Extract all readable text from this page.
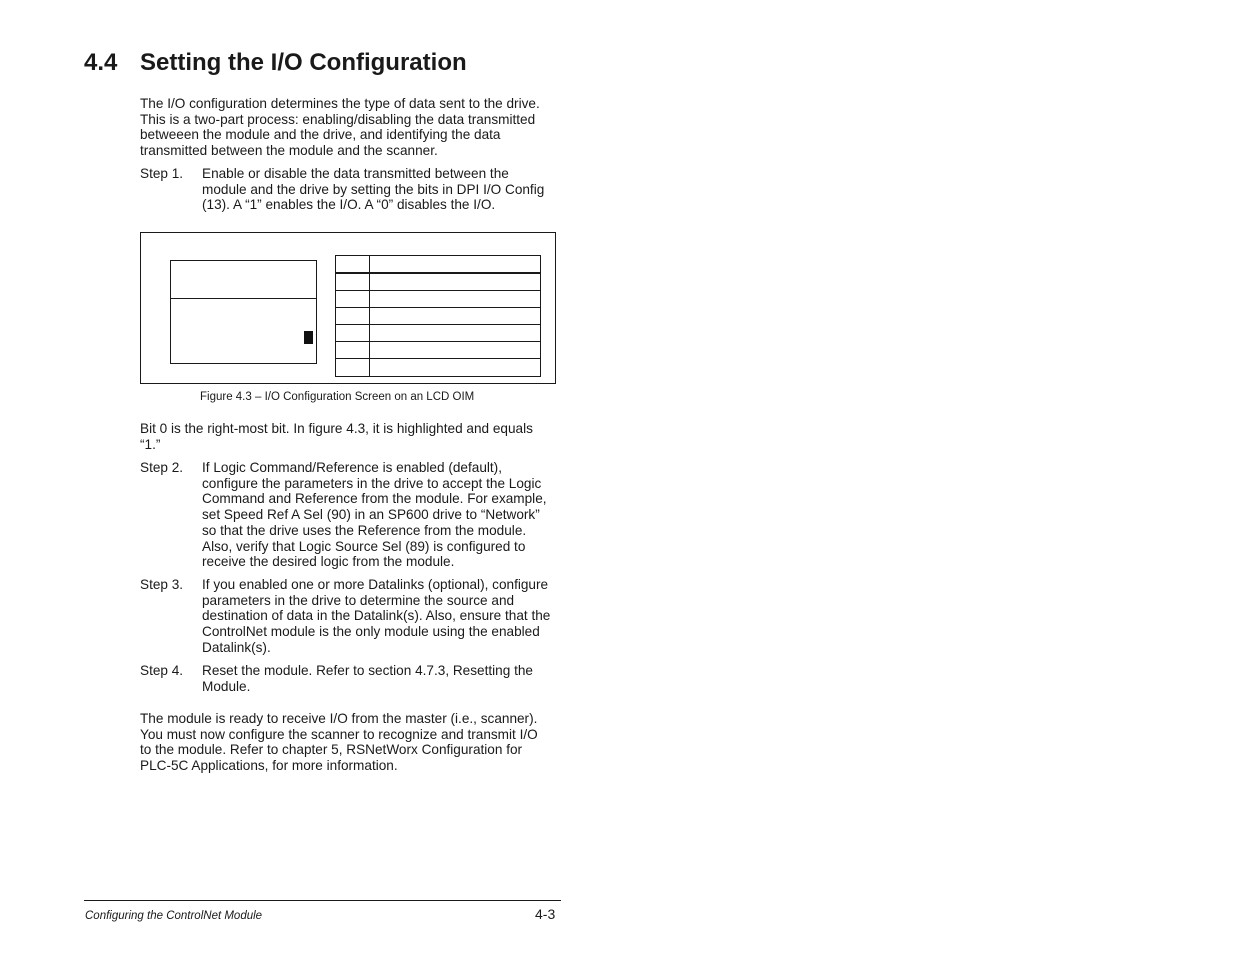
4.4 Setting the I/O Configuration
The I/O configuration determines the type of data sent to the drive.
This is a two-part process: enabling/disabling the data transmitted
betweeen the module and the drive, and identifying the data
transmitted between the module and the scanner.
Step 1. Enable or disable the data transmitted between the
module and the drive by setting the bits in DPI I/O Config
(13). A “1” enables the I/O. A “0” disables the I/O.
Figure 4.3 – I/O Configuration Screen on an LCD OIM
Bit 0 is the right-most bit. In figure 4.3, it is highlighted and equals
“1.”
Step 2. If Logic Command/Reference is enabled (default),
configure the parameters in the drive to accept the Logic
Command and Reference from the module. For example,
set Speed Ref A Sel (90) in an SP600 drive to “Network”
so that the drive uses the Reference from the module.
Also, verify that Logic Source Sel (89) is configured to
receive the desired logic from the module.
Step 3. If you enabled one or more Datalinks (optional), configure
parameters in the drive to determine the source and
destination of data in the Datalink(s). Also, ensure that the
ControlNet module is the only module using the enabled
Datalink(s).
Step 4. Reset the module. Refer to section 4.7.3, Resetting the
Module.
The module is ready to receive I/O from the master (i.e., scanner).
You must now configure the scanner to recognize and transmit I/O
to the module. Refer to chapter 5, RSNetWorx Configuration for
PLC-5C Applications, for more information.
Configuring the ControlNet Module	4-3
